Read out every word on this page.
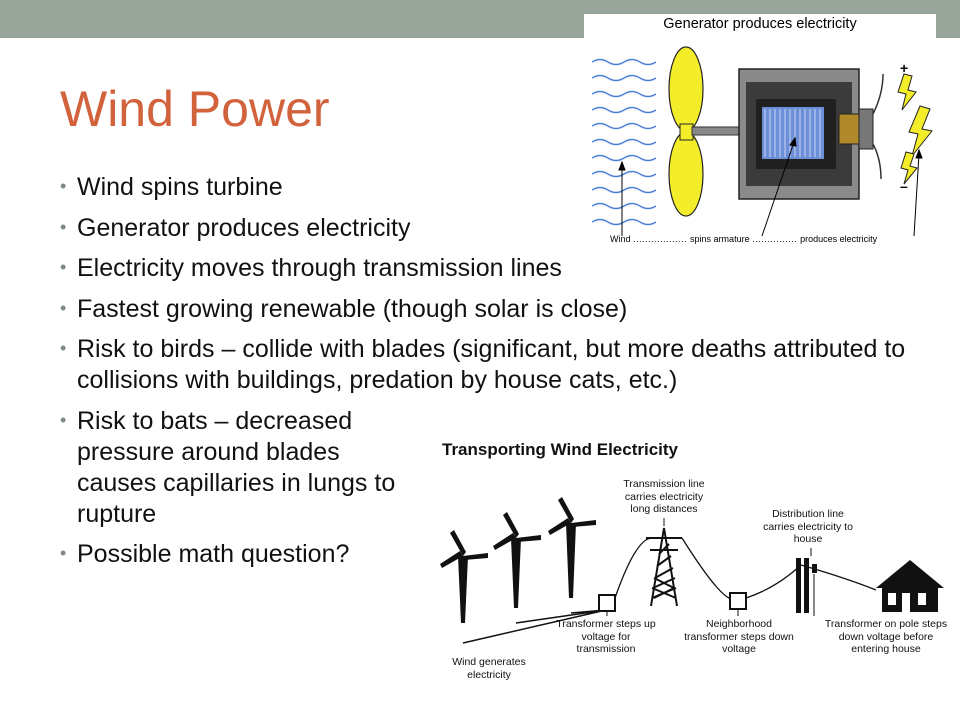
Wind Power
• Wind spins turbine
• Generator produces electricity
• Electricity moves through transmission lines
• Fastest growing renewable (though solar is close)
• Risk to birds – collide with blades (significant, but more deaths attributed to collisions with buildings, predation by house cats, etc.)
• Risk to bats – decreased pressure around blades causes capillaries in lungs to rupture
• Possible math question?
Generator produces electricity
+
–
Wind .................. spins armature ............... produces electricity
Transporting Wind Electricity
Transmission line carries electricity long distances	Distribution line carries electricity to house
Wind generates electricity
Transformer steps up voltage for transmission
Neighborhood transformer steps down voltage
Transformer on pole steps down voltage before entering house
